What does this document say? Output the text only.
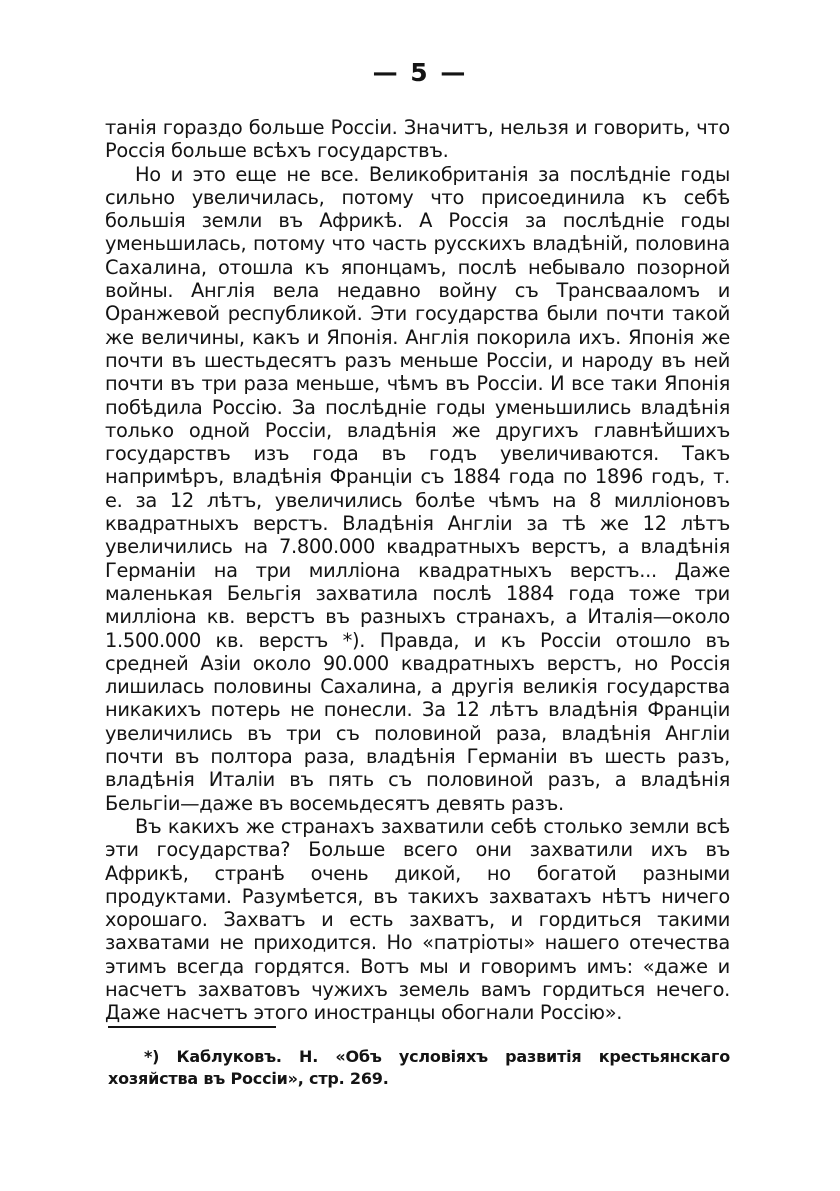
— 5 —

танія гораздо больше Россіи. Значитъ, нельзя и говорить, что Россія больше всѣхъ государствъ.

Но и это еще не все. Великобританія за послѣдніе годы сильно увеличилась, потому что присоединила къ себѣ большія земли въ Африкѣ. А Россія за послѣдніе годы уменьшилась, потому что часть русскихъ владѣній, половина Сахалина, отошла къ японцамъ, послѣ небывало позорной войны. Англія вела недавно войну съ Трансвааломъ и Оранжевой республикой. Эти государства были почти такой же величины, какъ и Японія. Англія покорила ихъ. Японія же почти въ шестьдесятъ разъ меньше Россіи, и народу въ ней почти въ три раза меньше, чѣмъ въ Россіи. И все таки Японія побѣдила Россію. За послѣдніе годы уменьшились владѣнія только одной Россіи, владѣнія же другихъ главнѣйшихъ государствъ изъ года въ годъ увеличиваются. Такъ напримѣръ, владѣнія Франціи съ 1884 года по 1896 годъ, т. е. за 12 лѣтъ, увеличились болѣе чѣмъ на 8 милліоновъ квадратныхъ верстъ. Владѣнія Англіи за тѣ же 12 лѣтъ увеличились на 7.800.000 квадратныхъ верстъ, а владѣнія Германіи на три милліона квадратныхъ верстъ... Даже маленькая Бельгія захватила послѣ 1884 года тоже три милліона кв. верстъ въ разныхъ странахъ, а Италія—около 1.500.000 кв. верстъ *). Правда, и къ Россіи отошло въ средней Азіи около 90.000 квадратныхъ верстъ, но Россія лишилась половины Сахалина, а другія великія государства никакихъ потерь не понесли. За 12 лѣтъ владѣнія Франціи увеличились въ три съ половиной раза, владѣнія Англіи почти въ полтора раза, владѣнія Германіи въ шесть разъ, владѣнія Италіи въ пять съ половиной разъ, а владѣнія Бельгіи—даже въ восемьдесятъ девять разъ.

Въ какихъ же странахъ захватили себѣ столько земли всѣ эти государства? Больше всего они захватили ихъ въ Африкѣ, странѣ очень дикой, но богатой разными продуктами. Разумѣется, въ такихъ захватахъ нѣтъ ничего хорошаго. Захватъ и есть захватъ, и гордиться такими захватами не приходится. Но «патріоты» нашего отечества этимъ всегда гордятся. Вотъ мы и говоримъ имъ: «даже и насчетъ захватовъ чужихъ земель вамъ гордиться нечего. Даже насчетъ этого иностранцы обогнали Россію».

*) Каблуковъ. Н. «Объ условіяхъ развитія крестьянскаго хозяйства въ Россіи», стр. 269.
